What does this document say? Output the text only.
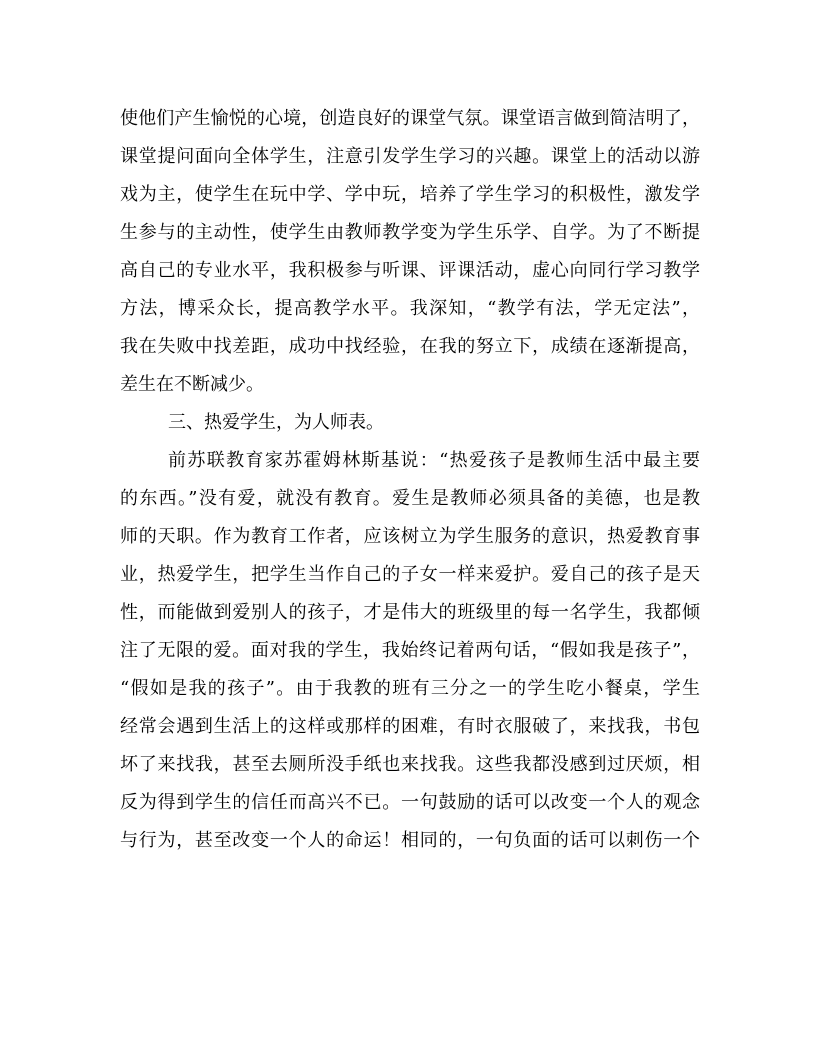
使他们产生愉悦的心境，创造良好的课堂气氛。课堂语言做到简洁明了，
课堂提问面向全体学生，注意引发学生学习的兴趣。课堂上的活动以游
戏为主，使学生在玩中学、学中玩，培养了学生学习的积极性，激发学
生参与的主动性，使学生由教师教学变为学生乐学、自学。为了不断提
高自己的专业水平，我积极参与听课、评课活动，虚心向同行学习教学
方法，博采众长，提高教学水平。我深知，“教学有法，学无定法”，
我在失败中找差距，成功中找经验，在我的努立下，成绩在逐渐提高，
差生在不断减少。
三、热爱学生，为人师表。
前苏联教育家苏霍姆林斯基说：“热爱孩子是教师生活中最主要
的东西。”没有爱，就没有教育。爱生是教师必须具备的美德，也是教
师的天职。作为教育工作者，应该树立为学生服务的意识，热爱教育事
业，热爱学生，把学生当作自己的子女一样来爱护。爱自己的孩子是天
性，而能做到爱别人的孩子，才是伟大的班级里的每一名学生，我都倾
注了无限的爱。面对我的学生，我始终记着两句话，“假如我是孩子”，
“假如是我的孩子”。由于我教的班有三分之一的学生吃小餐桌，学生
经常会遇到生活上的这样或那样的困难，有时衣服破了，来找我，书包
坏了来找我，甚至去厕所没手纸也来找我。这些我都没感到过厌烦，相
反为得到学生的信任而高兴不已。一句鼓励的话可以改变一个人的观念
与行为，甚至改变一个人的命运！相同的，一句负面的话可以刺伤一个
